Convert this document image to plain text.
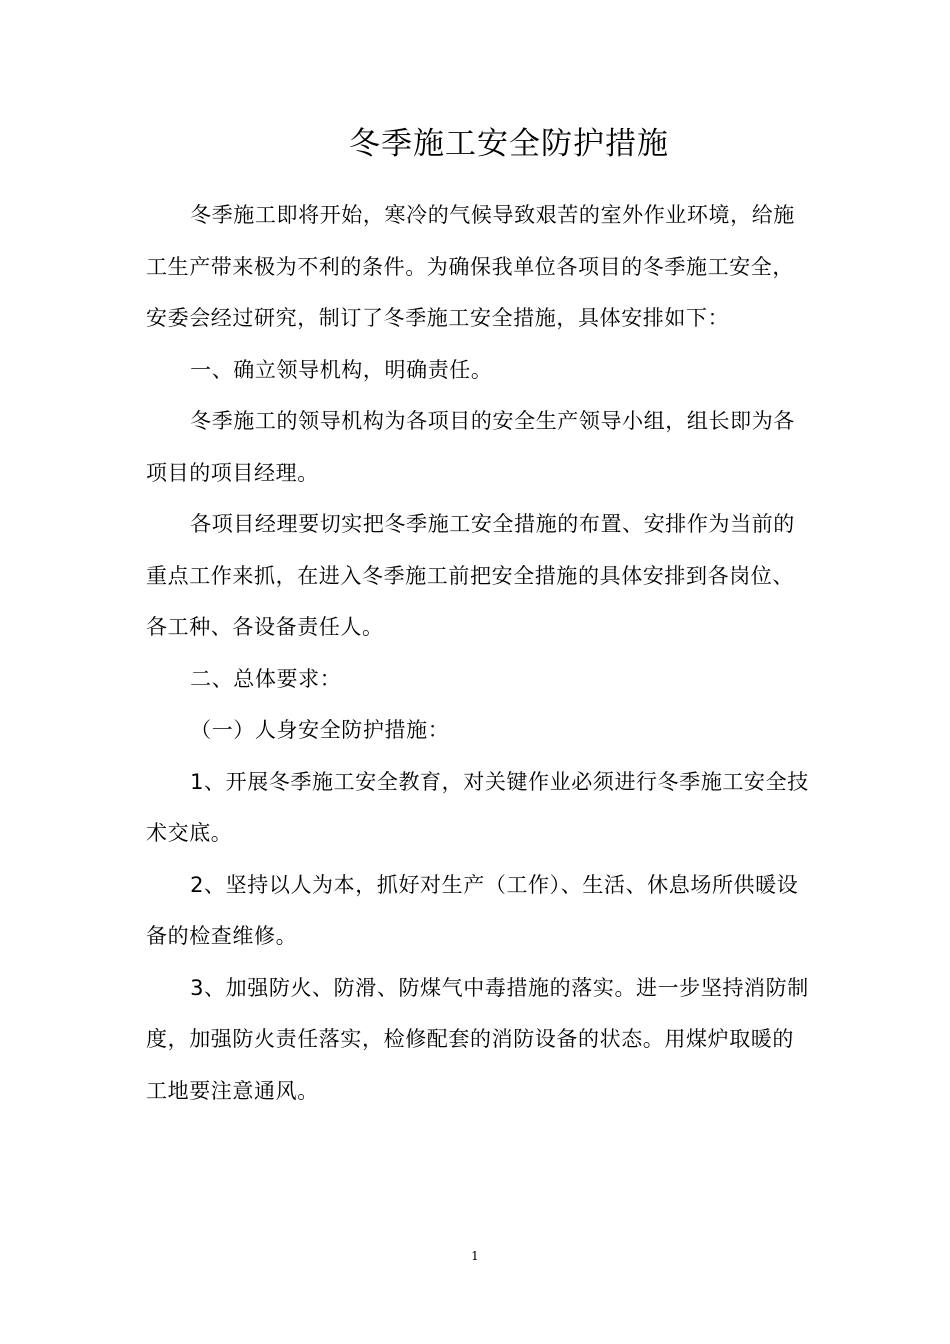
冬季施工安全防护措施

冬季施工即将开始，寒冷的气候导致艰苦的室外作业环境，给施工生产带来极为不利的条件。为确保我单位各项目的冬季施工安全，安委会经过研究，制订了冬季施工安全措施，具体安排如下：

一、确立领导机构，明确责任。

冬季施工的领导机构为各项目的安全生产领导小组，组长即为各项目的项目经理。

各项目经理要切实把冬季施工安全措施的布置、安排作为当前的重点工作来抓，在进入冬季施工前把安全措施的具体安排到各岗位、各工种、各设备责任人。

二、总体要求：

（一）人身安全防护措施：

1、开展冬季施工安全教育，对关键作业必须进行冬季施工安全技术交底。

2、坚持以人为本，抓好对生产（工作）、生活、休息场所供暖设备的检查维修。

3、加强防火、防滑、防煤气中毒措施的落实。进一步坚持消防制度，加强防火责任落实，检修配套的消防设备的状态。用煤炉取暖的工地要注意通风。

1
